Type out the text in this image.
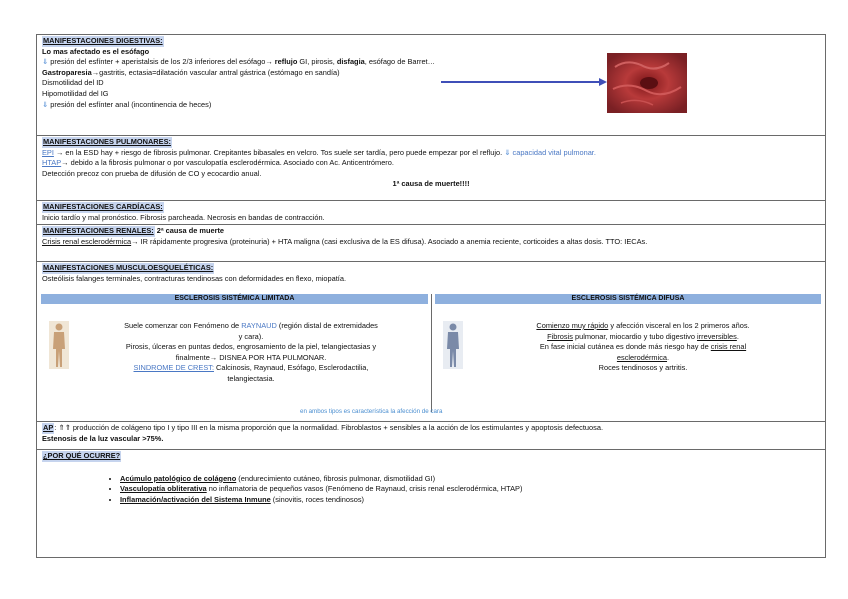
MANIFESTACOINES DIGESTIVAS:
Lo mas afectado es el esófago
⇓ presión del esfínter + aperistalsis de los 2/3 inferiores del esófago→ reflujo GI, pirosis, disfagia, esófago de Barret…
Gastroparesia→gastritis, ectasia=dilatación vascular antral gástrica (estómago en sandía)
Dismotilidad del ID
Hipomotilidad del IG
⇓ presión del esfínter anal (incontinencia de heces)
MANIFESTACIONES PULMONARES:
EPI → en la ESD hay + riesgo de fibrosis pulmonar. Crepitantes bibasales en velcro. Tos suele ser tardía, pero puede empezar por el reflujo. ⇓ capacidad vital pulmonar.
HTAP→ debido a la fibrosis pulmonar o por vasculopatía esclerodérmica. Asociado con Ac. Anticentrómero.
Detección precoz con prueba de difusión de CO y ecocardio anual.
1ª causa de muerte!!!!
MANIFESTACIONES CARDÍACAS:
Inicio tardío y mal pronóstico. Fibrosis parcheada. Necrosis en bandas de contracción.
MANIFESTACIONES RENALES: 2ª causa de muerte
Crisis renal esclerodérmica→ IR rápidamente progresiva (proteinuria) + HTA maligna (casi exclusiva de la ES difusa). Asociado a anemia reciente, corticoides a altas dosis. TTO: IECAs.
MANIFESTACIONES MUSCULOESQUELÉTICAS:
Osteólisis falanges terminales, contracturas tendinosas con deformidades en flexo, miopatía.
ESCLEROSIS SISTÉMICA LIMITADA	ESCLEROSIS SISTÉMICA DIFUSA
Suele comenzar con Fenómeno de RAYNAUD (región distal de extremidades
y cara).
Pirosis, úlceras en puntas dedos, engrosamiento de la piel, telangiectasias y
finalmente→ DISNEA POR HTA PULMONAR.
SINDROME DE CREST: Calcinosis, Raynaud, Esófago, Esclerodactilia,
telangiectasia.
Comienzo muy rápido y afección visceral en los 2 primeros años.
Fibrosis pulmonar, miocardio y tubo digestivo irreversibles.
En fase inicial cutánea es donde más riesgo hay de crisis renal
esclerodérmica.
Roces tendinosos y artritis.
en ambos tipos es característica la afección de cara
AP: ⇑⇑ producción de colágeno tipo I y tipo III en la misma proporción que la normalidad. Fibroblastos + sensibles a la acción de los estimulantes y apoptosis defectuosa.
Estenosis de la luz vascular >75%.
¿POR QUÉ OCURRE?
• Acúmulo patológico de colágeno (endurecimiento cutáneo, fibrosis pulmonar, dismotilidad GI)
• Vasculopatía obliterativa no inflamatoria de pequeños vasos (Fenómeno de Raynaud, crisis renal esclerodérmica, HTAP)
• Inflamación/activación del Sistema Inmune (sinovitis, roces tendinosos)
